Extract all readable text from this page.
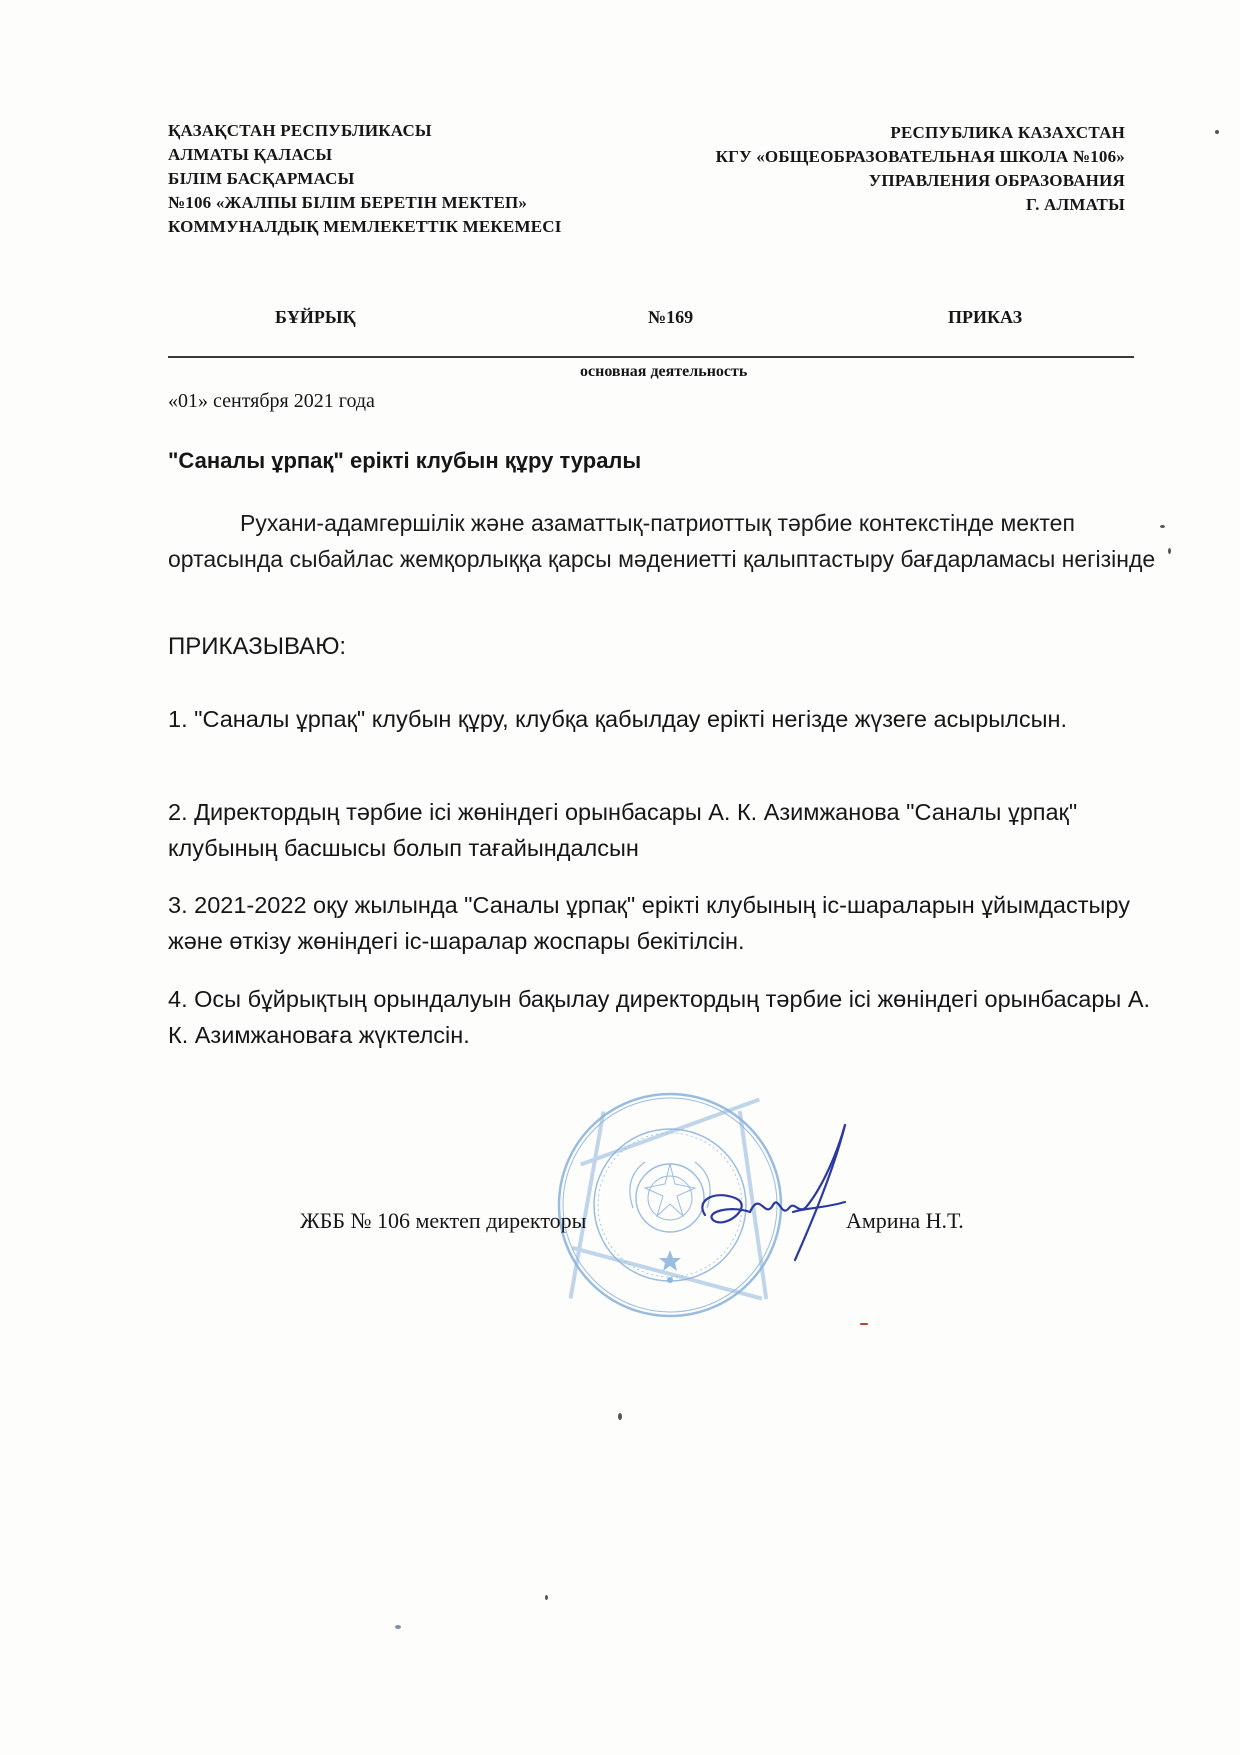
ҚАЗАҚСТАН РЕСПУБЛИКАСЫ
АЛМАТЫ ҚАЛАСЫ
БІЛІМ БАСҚАРМАСЫ
№106 «ЖАЛПЫ БІЛІМ БЕРЕТІН МЕКТЕП»
КОММУНАЛДЫҚ МЕМЛЕКЕТТІК МЕКЕМЕСІ
РЕСПУБЛИКА КАЗАХСТАН
КГУ «ОБЩЕОБРАЗОВАТЕЛЬНАЯ ШКОЛА №106»
УПРАВЛЕНИЯ ОБРАЗОВАНИЯ
Г. АЛМАТЫ
БҰЙРЫҚ	№169	ПРИКАЗ
основная деятельность
«01» сентября 2021 года
"Саналы ұрпақ" ерікті клубын құру туралы

Рухани-адамгершілік және азаматтық-патриоттық тәрбие контекстінде мектеп ортасында сыбайлас жемқорлыққа қарсы мәдениетті қалыптастыру бағдарламасы негізінде

ПРИКАЗЫВАЮ:

1. "Саналы ұрпақ" клубын құру, клубқа қабылдау ерікті негізде жүзеге асырылсын.

2. Директордың тәрбие ісі жөніндегі орынбасары А. К. Азимжанова "Саналы ұрпақ" клубының басшысы болып тағайындалсын

3. 2021-2022 оқу жылында "Саналы ұрпақ" ерікті клубының іс-шараларын ұйымдастыру және өткізу жөніндегі іс-шаралар жоспары бекітілсін.

4. Осы бұйрықтың орындалуын бақылау директордың тәрбие ісі жөніндегі орынбасары А. К. Азимжановаға жүктелсін.

ЖББ № 106 мектеп директоры	Амрина Н.Т.
